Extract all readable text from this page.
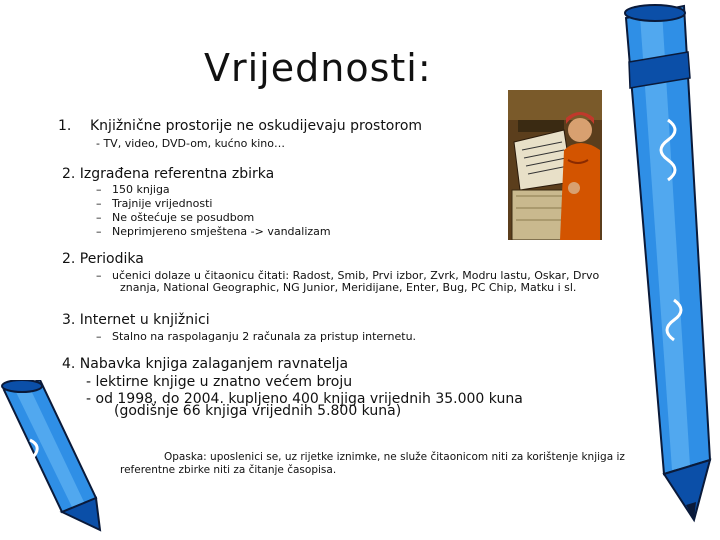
Vrijednosti:
1. Knjižnične prostorije ne oskudijevaju prostorom
- TV, video, DVD-om, kućno kino…
2. Izgrađena referentna zbirka
– 150 knjiga
– Trajnije vrijednosti
– Ne oštećuje se posudbom
– Neprimjereno smještena -> vandalizam
2. Periodika
– učenici dolaze u čitaonicu čitati: Radost, Smib, Prvi izbor, Zvrk, Modru lastu, Oskar, Drvo
znanja, National Geographic, NG Junior, Meridijane, Enter, Bug, PC Chip, Matku i sl.
3. Internet u knjižnici
– Stalno na raspolaganju 2 računala za pristup internetu.
4. Nabavka knjiga zalaganjem ravnatelja
- lektirne knjige u znatno većem broju
- od 1998. do 2004. kupljeno 400 knjiga vrijednih 35.000 kuna
(godišnje 66 knjiga vrijednih 5.800 kuna)
Opaska: uposlenici se, uz rijetke iznimke, ne služe čitaonicom niti za korištenje knjiga iz referentne zbirke niti za čitanje časopisa.
